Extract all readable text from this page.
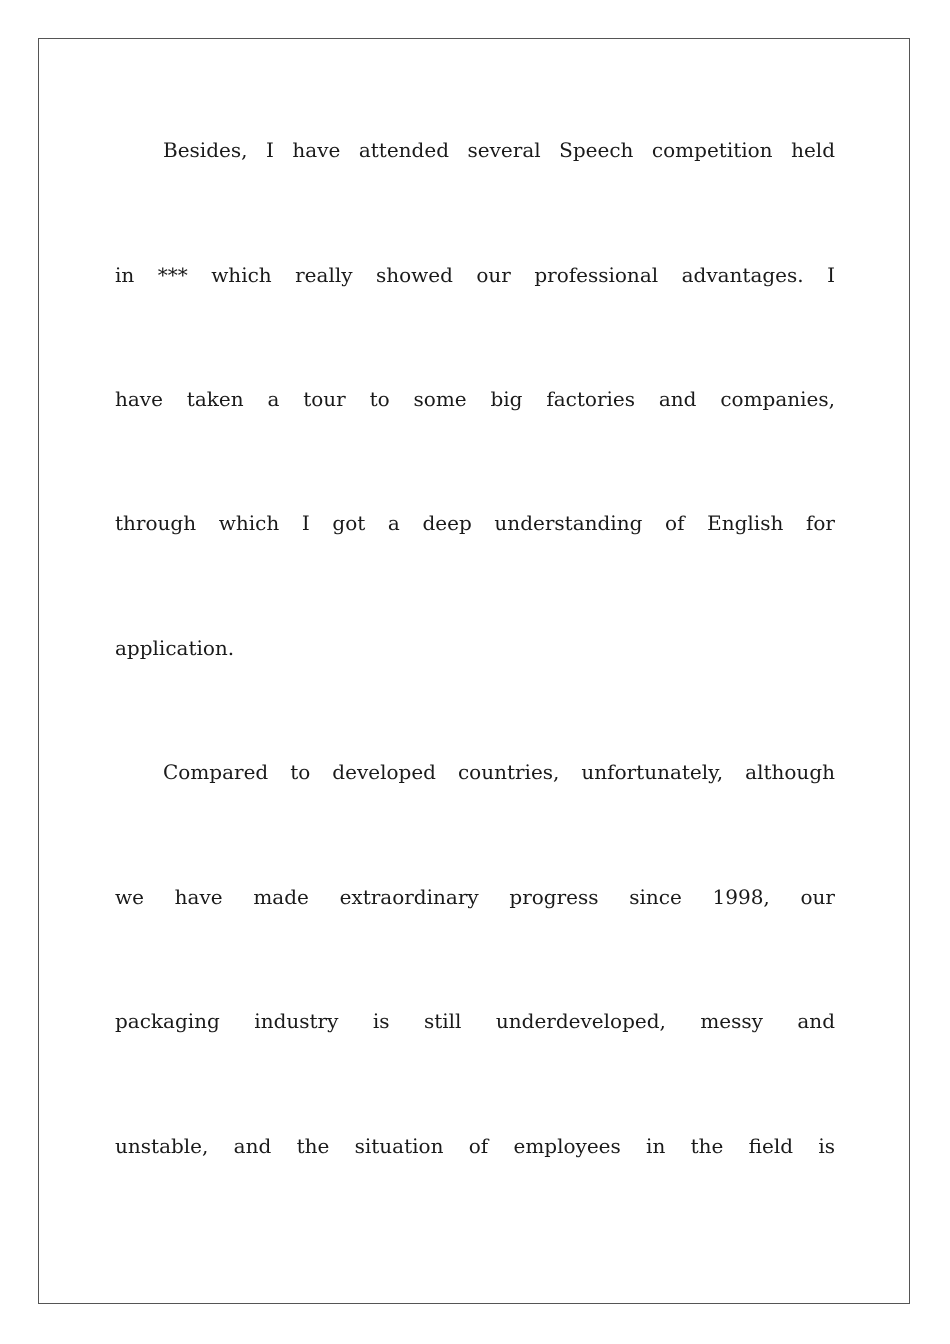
Besides, I have attended several Speech competition held
in *** which really showed our professional advantages. I
have taken a tour to some big factories and companies,
through which I got a deep understanding of English for
application.
Compared to developed countries, unfortunately, although
we have made extraordinary progress since 1998, our
packaging industry is still underdeveloped, messy and
unstable, and the situation of employees in the field is
